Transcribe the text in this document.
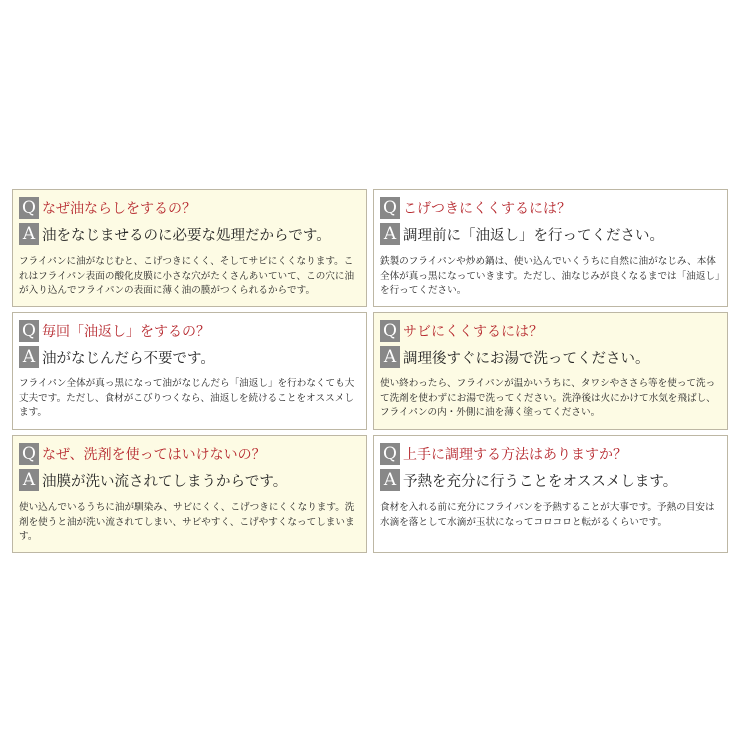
Q なぜ油ならしをするの？
A 油をなじませるのに必要な処理だからです。
フライパンに油がなじむと、こげつきにくく、そしてサビにくくなります。これはフライパン表面の酸化皮膜に小さな穴がたくさんあいていて、この穴に油が入り込んでフライパンの表面に薄く油の膜がつくられるからです。
Q こげつきにくくするには？
A 調理前に「油返し」を行ってください。
鉄製のフライパンや炒め鍋は、使い込んでいくうちに自然に油がなじみ、本体全体が真っ黒になっていきます。ただし、油なじみが良くなるまでは「油返し」を行ってください。
Q 毎回「油返し」をするの？
A 油がなじんだら不要です。
フライパン全体が真っ黒になって油がなじんだら「油返し」を行わなくても大丈夫です。ただし、食材がこびりつくなら、油返しを続けることをオススメします。
Q サビにくくするには？
A 調理後すぐにお湯で洗ってください。
使い終わったら、フライパンが温かいうちに、タワシやささら等を使って洗って洗剤を使わずにお湯で洗ってください。洗浄後は火にかけて水気を飛ばし、フライパンの内・外側に油を薄く塗ってください。
Q なぜ、洗剤を使ってはいけないの？
A 油膜が洗い流されてしまうからです。
使い込んでいるうちに油が馴染み、サビにくく、こげつきにくくなります。洗剤を使うと油が洗い流されてしまい、サビやすく、こげやすくなってしまいます。
Q 上手に調理する方法はありますか？
A 予熱を充分に行うことをオススメします。
食材を入れる前に充分にフライパンを予熱することが大事です。予熱の目安は水滴を落として水滴が玉状になってコロコロと転がるくらいです。
